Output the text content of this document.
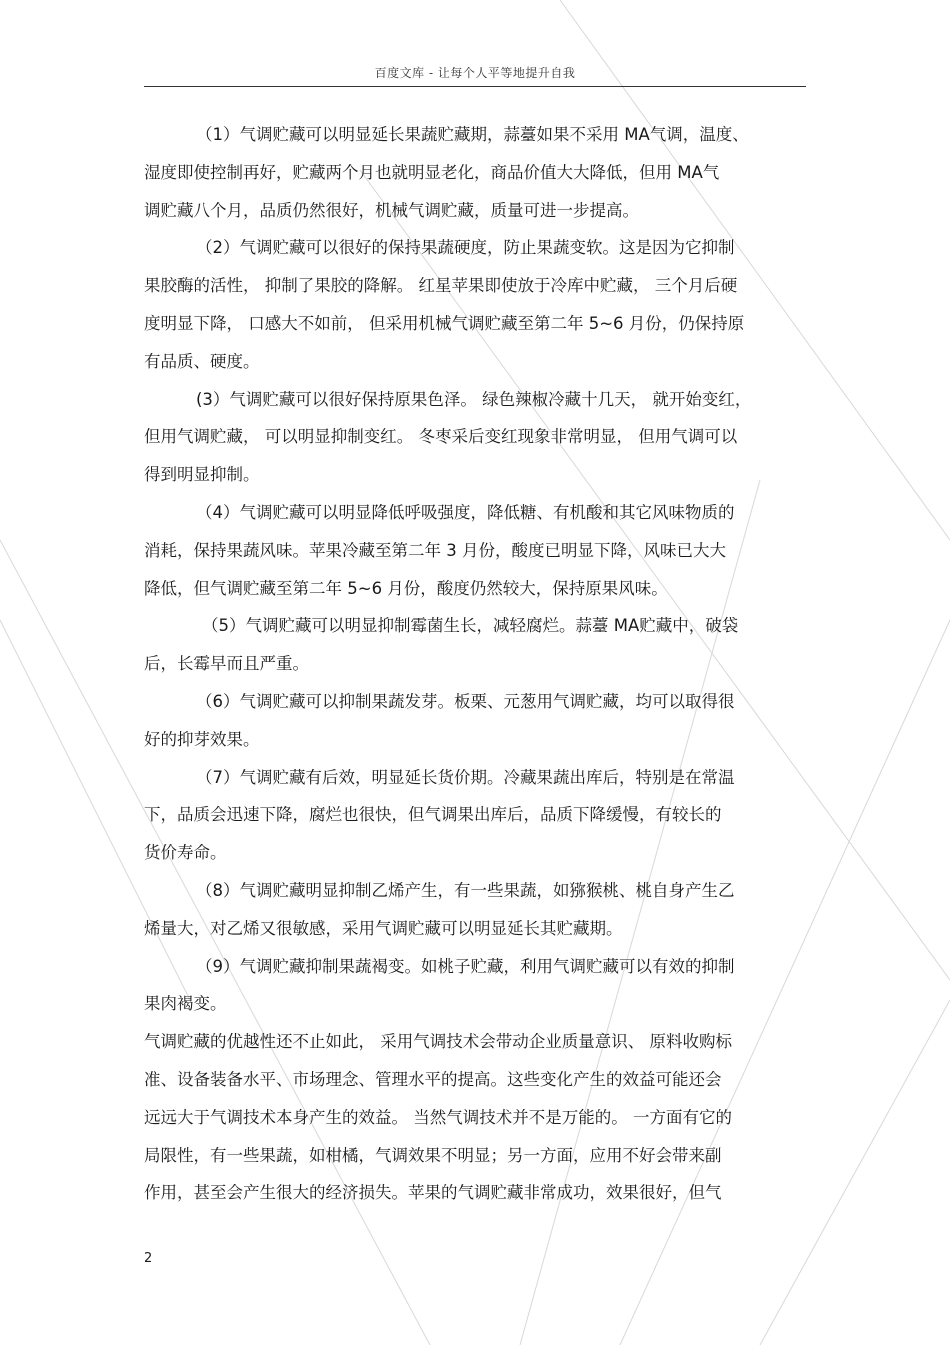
百度文库 - 让每个人平等地提升自我
（1）气调贮藏可以明显延长果蔬贮藏期，蒜薹如果不采用 MA气调，温度、
湿度即使控制再好，贮藏两个月也就明显老化，商品价值大大降低，但用 MA气
调贮藏八个月，品质仍然很好，机械气调贮藏，质量可进一步提高。
（2）气调贮藏可以很好的保持果蔬硬度，防止果蔬变软。这是因为它抑制
果胶酶的活性， 抑制了果胶的降解。 红星苹果即使放于冷库中贮藏， 三个月后硬
度明显下降， 口感大不如前， 但采用机械气调贮藏至第二年 5~6 月份，仍保持原
有品质、硬度。
(3）气调贮藏可以很好保持原果色泽。 绿色辣椒冷藏十几天， 就开始变红，
但用气调贮藏， 可以明显抑制变红。 冬枣采后变红现象非常明显， 但用气调可以
得到明显抑制。
（4）气调贮藏可以明显降低呼吸强度，降低糖、有机酸和其它风味物质的
消耗，保持果蔬风味。苹果冷藏至第二年 3 月份，酸度已明显下降，风味已大大
降低，但气调贮藏至第二年 5~6 月份，酸度仍然较大，保持原果风味。
（5）气调贮藏可以明显抑制霉菌生长，减轻腐烂。蒜薹 MA贮藏中，破袋
后，长霉早而且严重。
（6）气调贮藏可以抑制果蔬发芽。板栗、元葱用气调贮藏，均可以取得很
好的抑芽效果。
（7）气调贮藏有后效，明显延长货价期。冷藏果蔬出库后，特别是在常温
下，品质会迅速下降，腐烂也很快，但气调果出库后，品质下降缓慢，有较长的
货价寿命。
（8）气调贮藏明显抑制乙烯产生，有一些果蔬，如猕猴桃、桃自身产生乙
烯量大，对乙烯又很敏感，采用气调贮藏可以明显延长其贮藏期。
（9）气调贮藏抑制果蔬褐变。如桃子贮藏，利用气调贮藏可以有效的抑制
果肉褐变。
气调贮藏的优越性还不止如此， 采用气调技术会带动企业质量意识、 原料收购标
准、设备装备水平、市场理念、管理水平的提高。这些变化产生的效益可能还会
远远大于气调技术本身产生的效益。 当然气调技术并不是万能的。 一方面有它的
局限性，有一些果蔬，如柑橘，气调效果不明显；另一方面，应用不好会带来副
作用，甚至会产生很大的经济损失。苹果的气调贮藏非常成功，效果很好，但气
2
